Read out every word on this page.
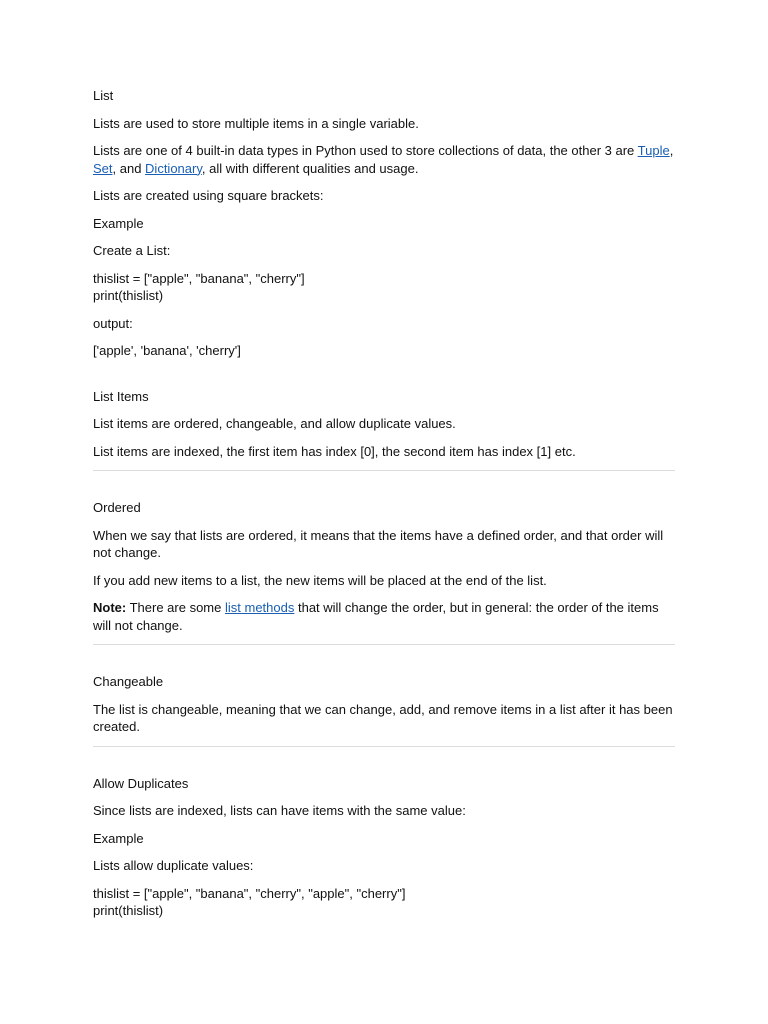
List

Lists are used to store multiple items in a single variable.

Lists are one of 4 built-in data types in Python used to store collections of data, the other 3 are Tuple, Set, and Dictionary, all with different qualities and usage.

Lists are created using square brackets:

Example

Create a List:

thislist = ["apple", "banana", "cherry"]
print(thislist)

output:

['apple', 'banana', 'cherry']

List Items

List items are ordered, changeable, and allow duplicate values.

List items are indexed, the first item has index [0], the second item has index [1] etc.

Ordered

When we say that lists are ordered, it means that the items have a defined order, and that order will not change.

If you add new items to a list, the new items will be placed at the end of the list.

Note: There are some list methods that will change the order, but in general: the order of the items will not change.

Changeable

The list is changeable, meaning that we can change, add, and remove items in a list after it has been created.

Allow Duplicates

Since lists are indexed, lists can have items with the same value:

Example

Lists allow duplicate values:

thislist = ["apple", "banana", "cherry", "apple", "cherry"]
print(thislist)
